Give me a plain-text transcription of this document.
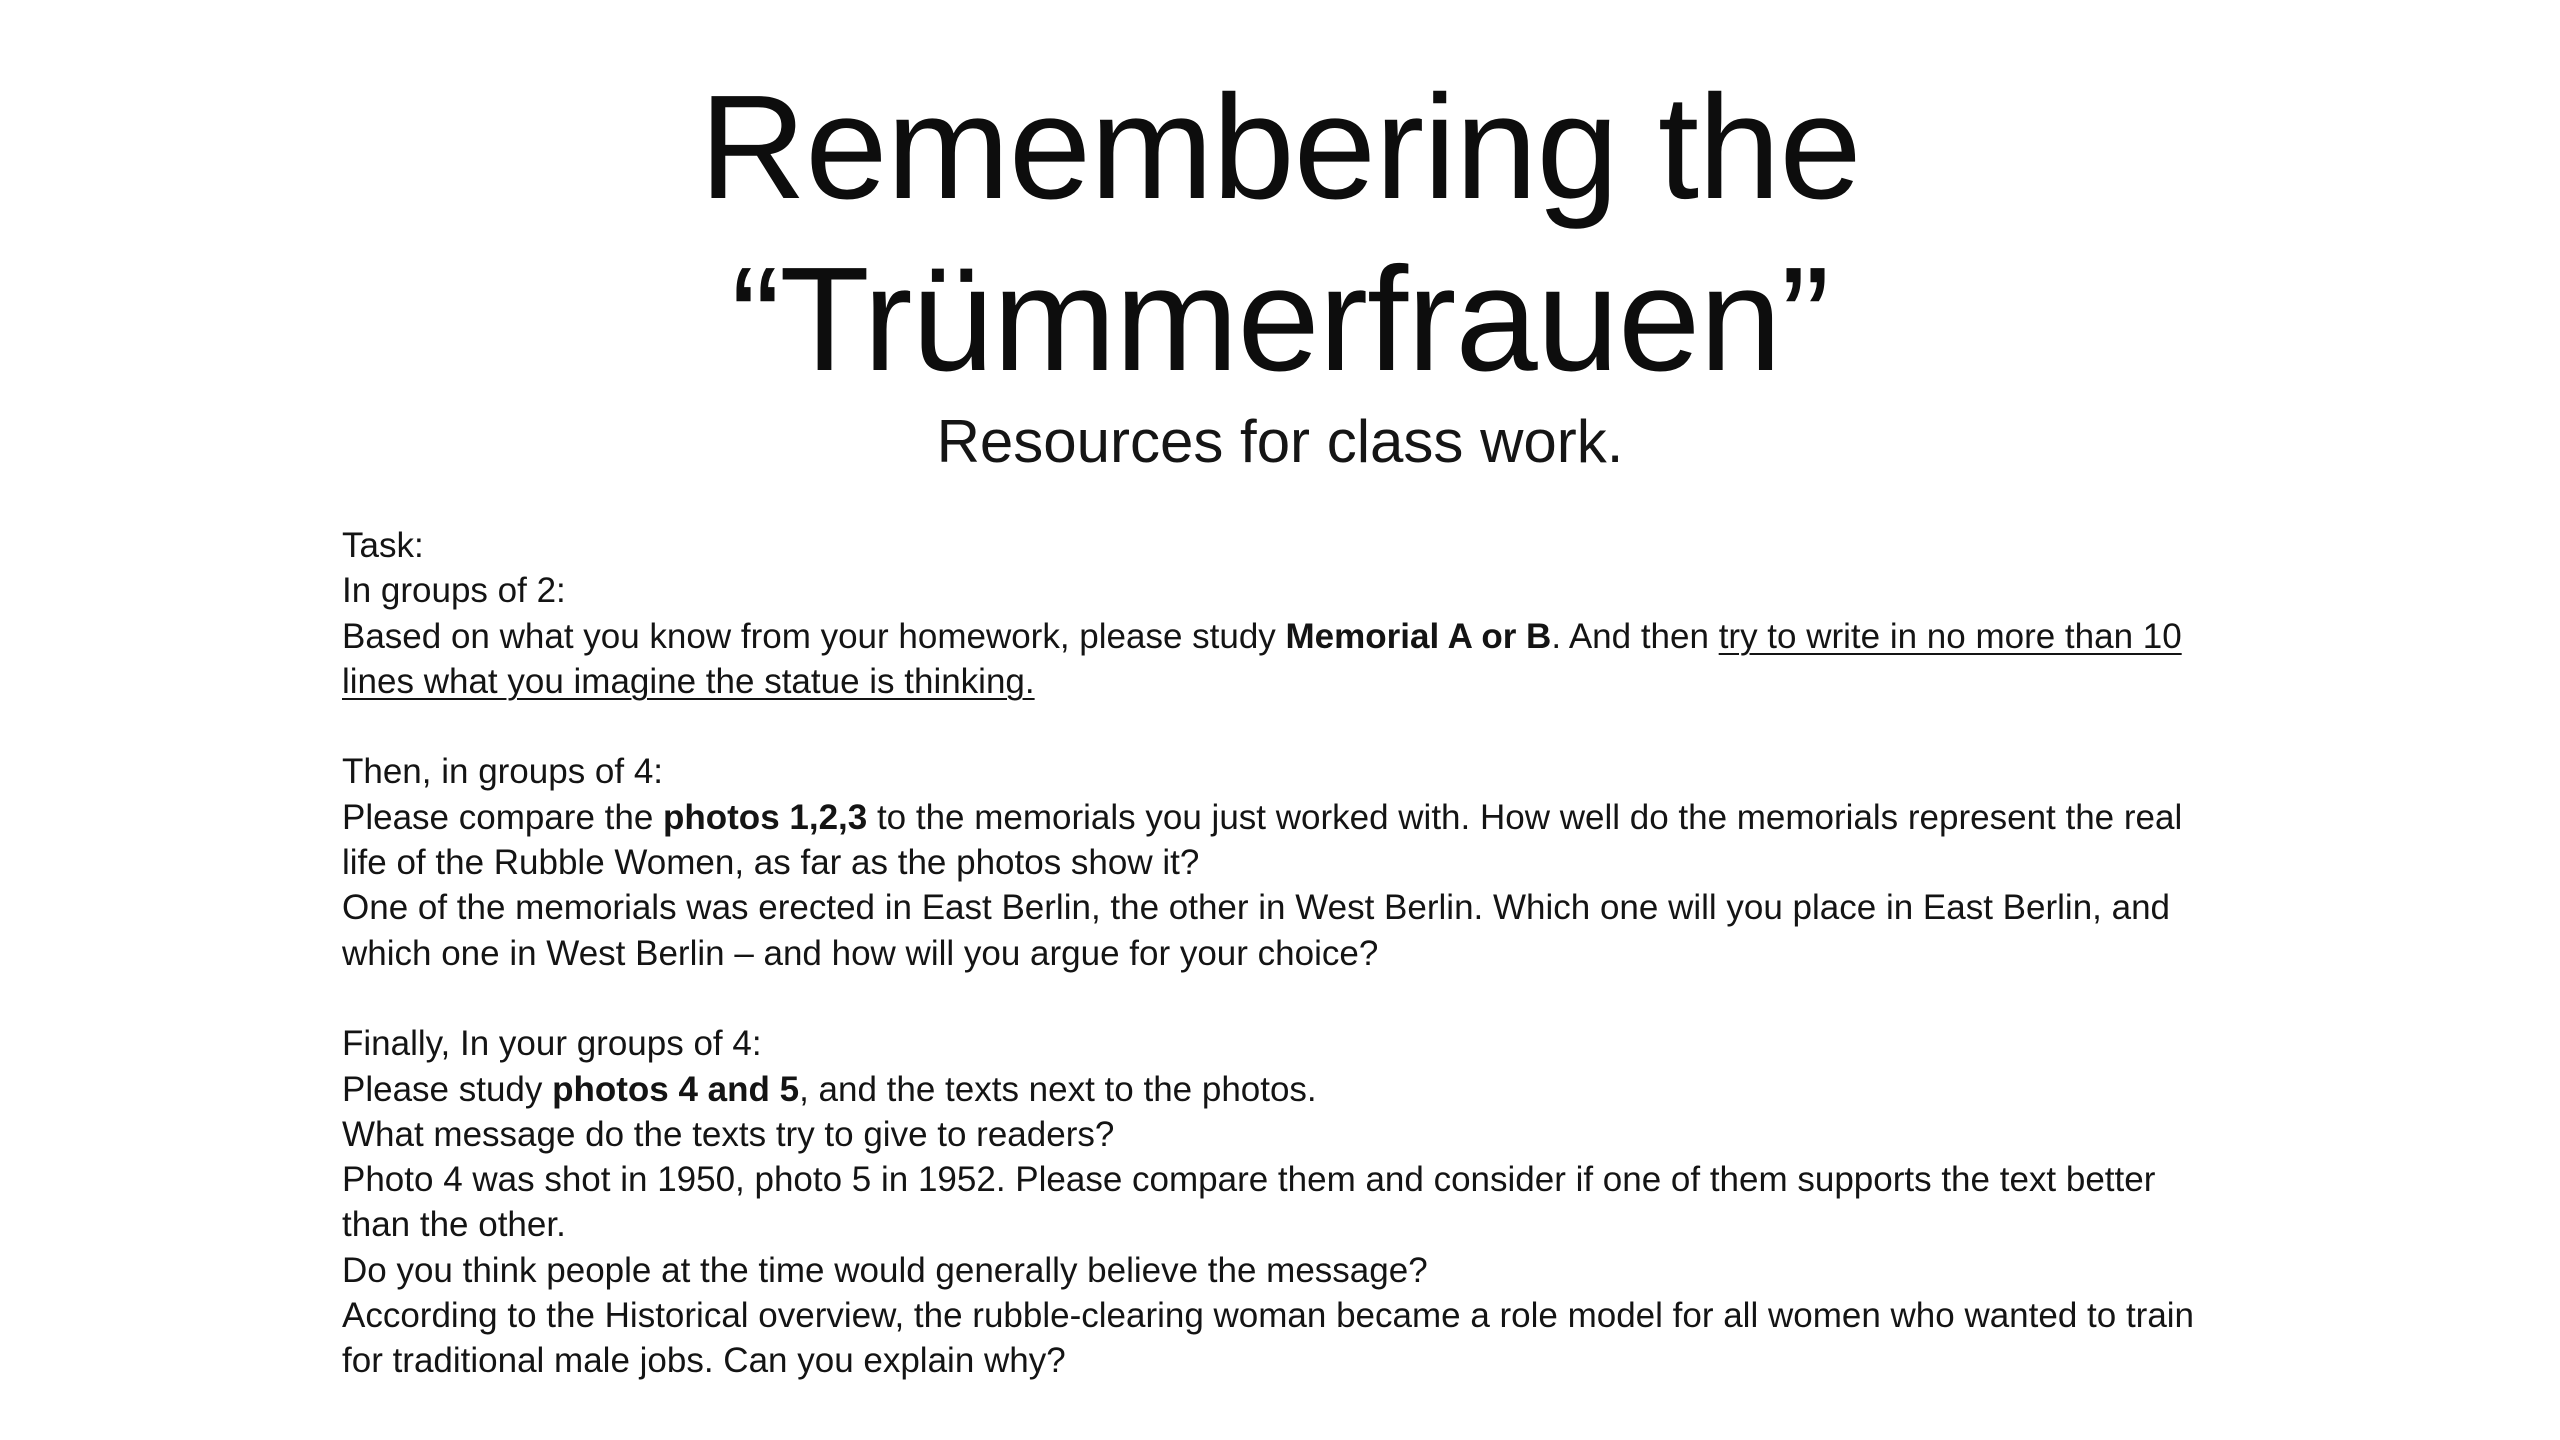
Remembering the
“Trümmerfrauen”
Resources for class work.
Task:
In groups of 2:
Based on what you know from your homework, please study Memorial A or B. And then try to write in no more than 10
lines what you imagine the statue is thinking.
Then, in groups of 4:
Please compare the photos 1,2,3 to the memorials you just worked with. How well do the memorials represent the real
life of the Rubble Women, as far as the photos show it?
One of the memorials was erected in East Berlin, the other in West Berlin. Which one will you place in East Berlin, and
which one in West Berlin – and how will you argue for your choice?
Finally, In your groups of 4:
Please study photos 4 and 5, and the texts next to the photos.
What message do the texts try to give to readers?
Photo 4 was shot in 1950, photo 5 in 1952. Please compare them and consider if one of them supports the text better
than the other.
Do you think people at the time would generally believe the message?
According to the Historical overview, the rubble-clearing woman became a role model for all women who wanted to train
for traditional male jobs. Can you explain why?
